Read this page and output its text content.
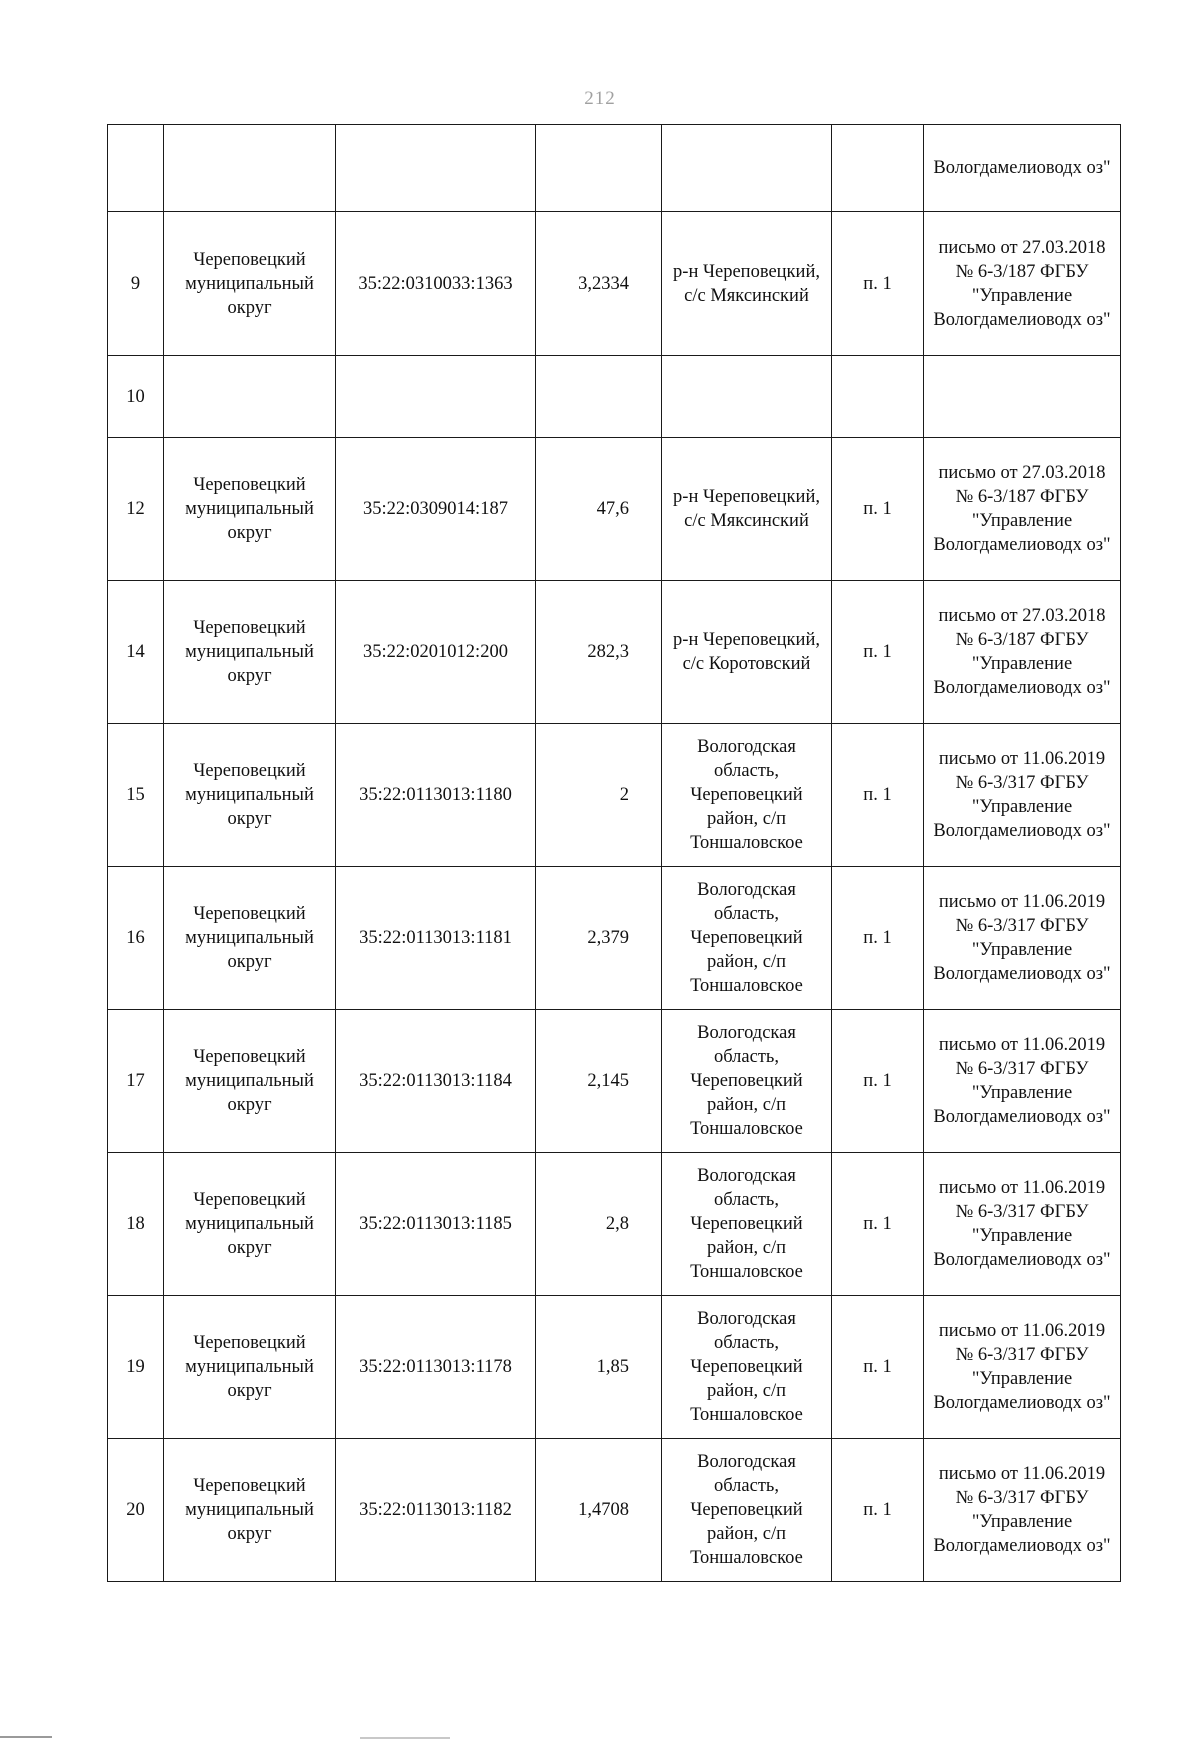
212
						Вологдамелиоводх оз"
9	Череповецкий муниципальный округ	35:22:0310033:1363	3,2334	р-н Череповецкий, с/с Мяксинский	п. 1	письмо от 27.03.2018 № 6-3/187 ФГБУ "Управление Вологдамелиоводх оз"
10						
12	Череповецкий муниципальный округ	35:22:0309014:187	47,6	р-н Череповецкий, с/с Мяксинский	п. 1	письмо от 27.03.2018 № 6-3/187 ФГБУ "Управление Вологдамелиоводх оз"
14	Череповецкий муниципальный округ	35:22:0201012:200	282,3	р-н Череповецкий, с/с Коротовский	п. 1	письмо от 27.03.2018 № 6-3/187 ФГБУ "Управление Вологдамелиоводх оз"
15	Череповецкий муниципальный округ	35:22:0113013:1180	2	Вологодская область, Череповецкий район, с/п Тоншаловское	п. 1	письмо от 11.06.2019 № 6-3/317 ФГБУ "Управление Вологдамелиоводх оз"
16	Череповецкий муниципальный округ	35:22:0113013:1181	2,379	Вологодская область, Череповецкий район, с/п Тоншаловское	п. 1	письмо от 11.06.2019 № 6-3/317 ФГБУ "Управление Вологдамелиоводх оз"
17	Череповецкий муниципальный округ	35:22:0113013:1184	2,145	Вологодская область, Череповецкий район, с/п Тоншаловское	п. 1	письмо от 11.06.2019 № 6-3/317 ФГБУ "Управление Вологдамелиоводх оз"
18	Череповецкий муниципальный округ	35:22:0113013:1185	2,8	Вологодская область, Череповецкий район, с/п Тоншаловское	п. 1	письмо от 11.06.2019 № 6-3/317 ФГБУ "Управление Вологдамелиоводх оз"
19	Череповецкий муниципальный округ	35:22:0113013:1178	1,85	Вологодская область, Череповецкий район, с/п Тоншаловское	п. 1	письмо от 11.06.2019 № 6-3/317 ФГБУ "Управление Вологдамелиоводх оз"
20	Череповецкий муниципальный округ	35:22:0113013:1182	1,4708	Вологодская область, Череповецкий район, с/п Тоншаловское	п. 1	письмо от 11.06.2019 № 6-3/317 ФГБУ "Управление Вологдамелиоводх оз"
